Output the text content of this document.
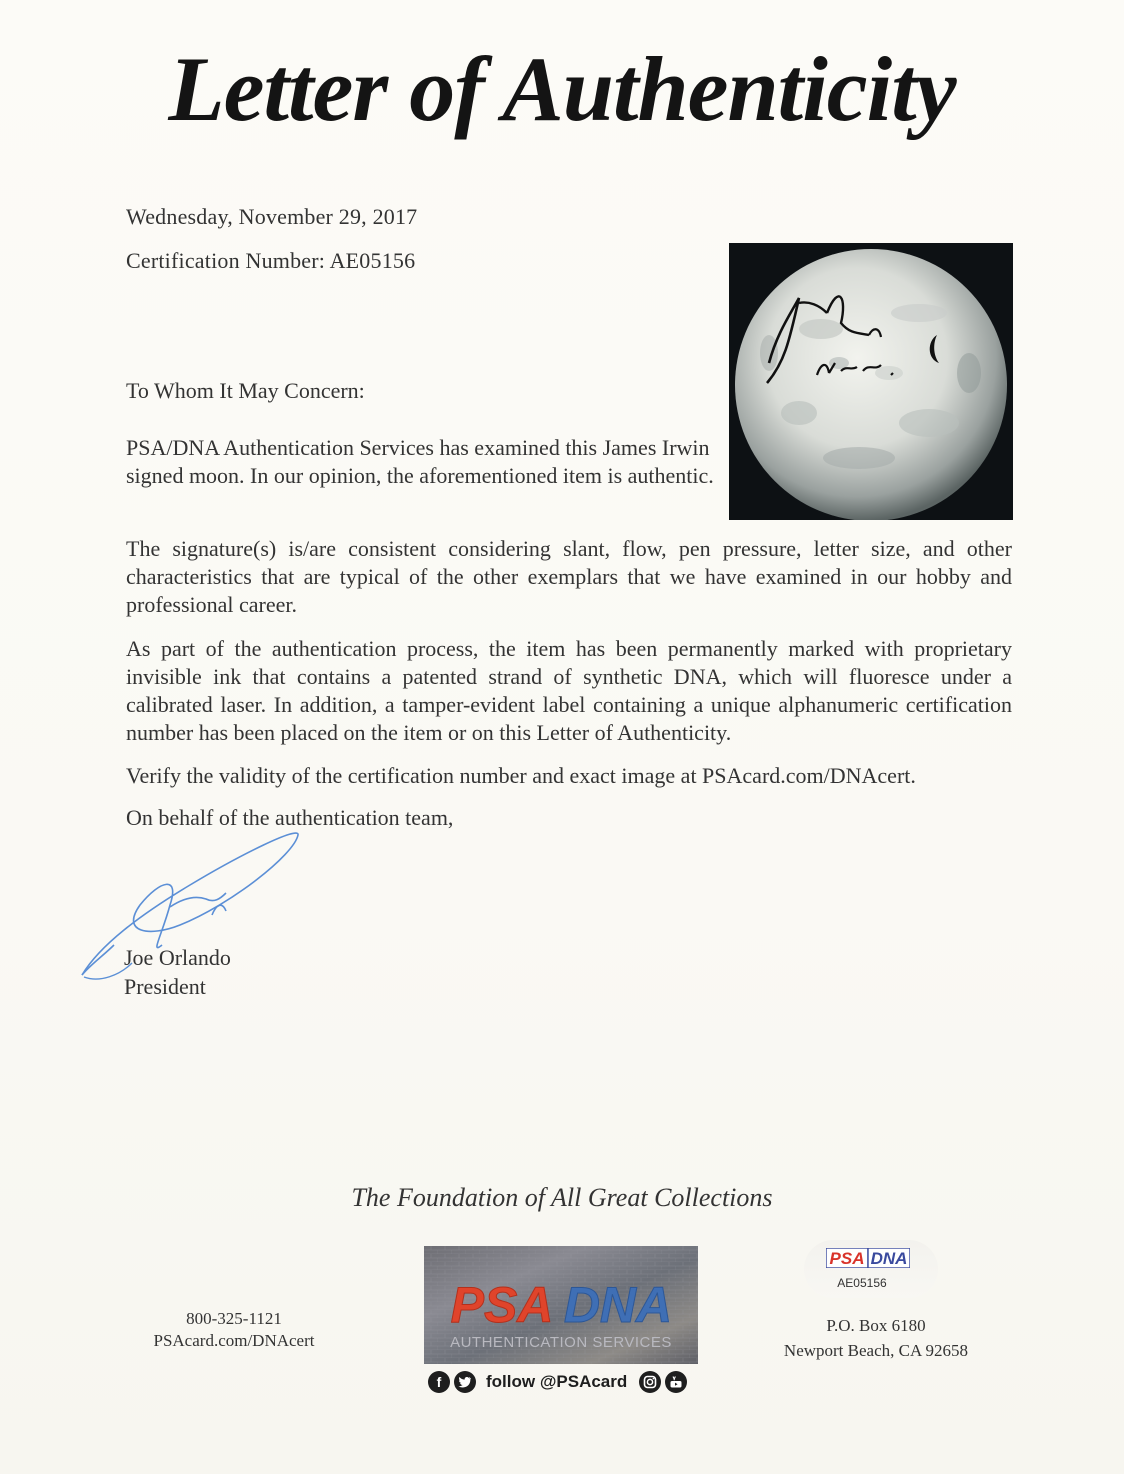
Letter of Authenticity
Wednesday, November 29, 2017
Certification Number: AE05156
To Whom It May Concern:
PSA/DNA Authentication Services has examined this James Irwin signed moon. In our opinion, the aforementioned item is authentic.
The signature(s) is/are consistent considering slant, flow, pen pressure, letter size, and other characteristics that are typical of the other exemplars that we have examined in our hobby and professional career.
As part of the authentication process, the item has been permanently marked with proprietary invisible ink that contains a patented strand of synthetic DNA, which will fluoresce under a calibrated laser. In addition, a tamper-evident label containing a unique alphanumeric certification number has been placed on the item or on this Letter of Authenticity.
Verify the validity of the certification number and exact image at PSAcard.com/DNAcert.
On behalf of the authentication team,
Joe Orlando
President
The Foundation of All Great Collections
800-325-1121
PSAcard.com/DNAcert
PSA DNA
AUTHENTICATION SERVICES
f	follow @PSAcard
PSA DNA
AE05156
P.O. Box 6180
Newport Beach, CA 92658
